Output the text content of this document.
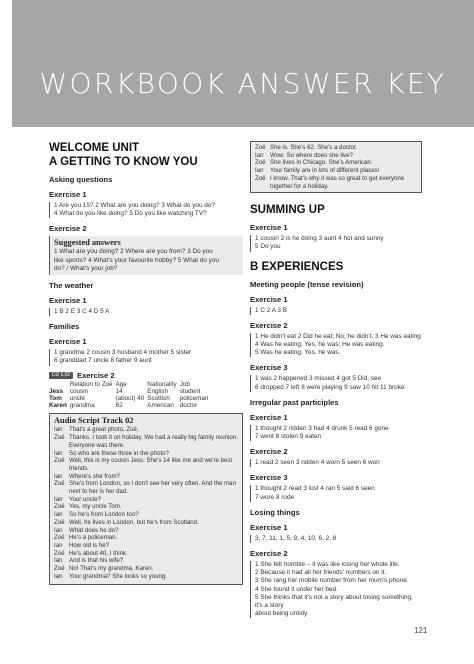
WORKBOOK ANSWER KEY
WELCOME UNIT
A GETTING TO KNOW YOU
Asking questions
Exercise 1
1 Are you 15? 2 What are you doing? 3 What do you do?
4 What do you like doing? 5 Do you like watching TV?
Exercise 2
Suggested answers
1 What are you doing? 2 Where are you from? 3 Do you
like sports? 4 What's your favourite hobby? 5 What do you
do? / What's your job?
The weather
Exercise 1
1 B 2 E 3 C 4 D 5 A
Families
Exercise 1
1 grandma 2 cousin 3 husband 4 mother 5 sister
6 granddad 7 uncle 8 father 9 aunt
CD 1.02 Exercise 2
	Relation to Zoë	Age	Nationality	Job
Jess	cousin	14	English	student
Tom	uncle	(about) 40	Scottish	policeman
Karen	grandma	62	American	doctor
Audio Script Track 02
Ian	That's a great photo, Zoë.
Zoë Thanks. I took it on holiday. We had a really big family reunion. Everyone was there.
Ian	So who are these three in the photo?
Zoë Well, this is my cousin Jess. She's 14 like me and we're best friends.
Ian	Where's she from?
Zoë She's from London, so I don't see her very often. And the man next to her is her dad.
Ian	Your uncle?
Zoë Yes, my uncle Tom.
Ian	So he's from London too?
Zoë Well, he lives in London, but he's from Scotland.
Ian	What does he do?
Zoë He's a policeman.
Ian	How old is he?
Zoë He's about 40, I think.
Ian	And is that his wife?
Zoë No! That's my grandma, Karen.
Ian	Your grandma? She looks so young.
Zoë She is. She's 62. She's a doctor.
Ian	Wow. So where does she live?
Zoë She lives in Chicago. She's American.
Ian	Your family are in lots of different places!
Zoë I know. That's why it was so great to get everyone together for a holiday.
SUMMING UP
Exercise 1
1 cousin 2 is he doing 3 aunt 4 hot and sunny
5 Do you
B EXPERIENCES
Meeting people (tense revision)
Exercise 1
1 C 2 A 3 B
Exercise 2
1 He didn't eat 2 Did he eat; No, he didn't. 3 He was eating
4 Was he eating; Yes, he was; He was eating.
5 Was he eating; Yes, he was.
Exercise 3
1 was 2 happened 3 missed 4 got 5 Did, see
6 dropped 7 left 8 were playing 9 saw 10 hit 11 broke
Irregular past participles
Exercise 1
1 thought 2 ridden 3 had 4 drunk 5 read 6 gone
7 went 8 stolen 9 eaten
Exercise 2
1 read 2 seen 3 ridden 4 worn 5 seen 6 won
Exercise 3
1 thought 2 read 3 lost 4 ran 5 said 6 seen
7 wore 8 rode
Losing things
Exercise 1
3, 7, 11, 1, 5, 9, 4, 10, 6, 2, 8
Exercise 2
1 She felt horrible – it was like losing her whole life.
2 Because it had all her friends' numbers on it.
3 She rang her mobile number from her mum's phone.
4 She found it under her bed.
5 She thinks that it's not a story about losing something, it's a story
about being untidy.
121
